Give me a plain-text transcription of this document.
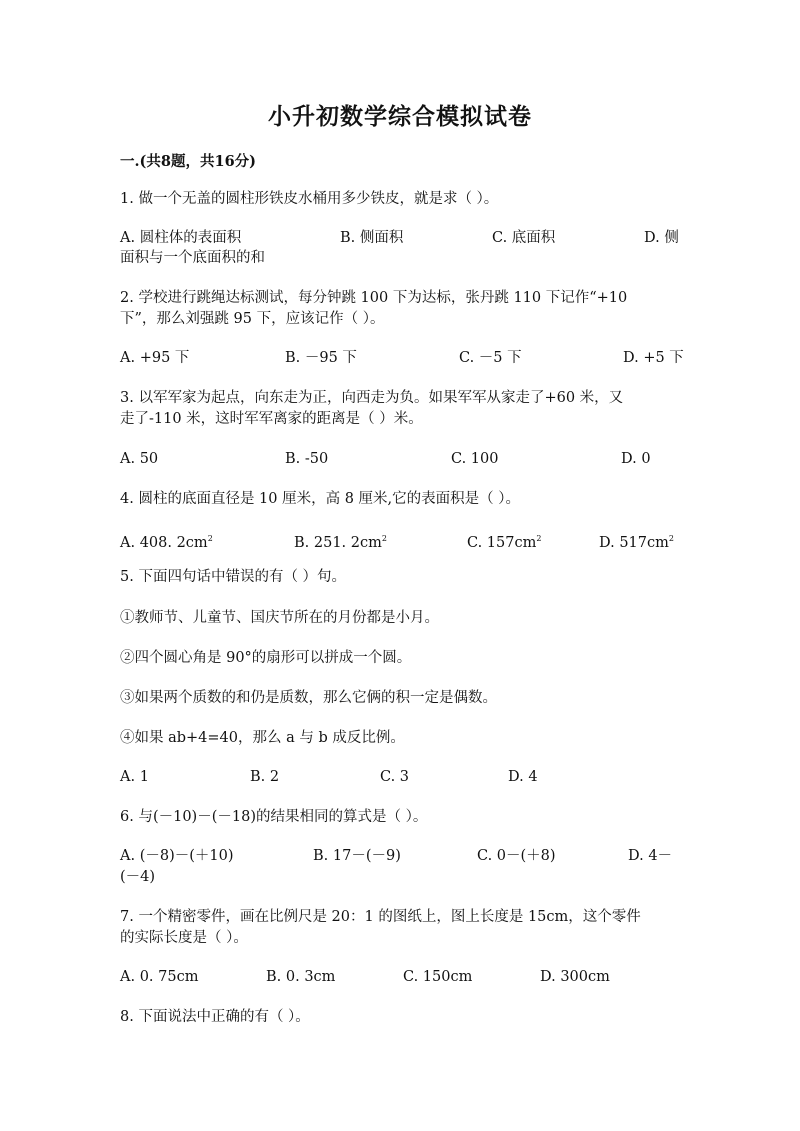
小升初数学综合模拟试卷
一.(共8题，共16分)
1. 做一个无盖的圆柱形铁皮水桶用多少铁皮，就是求（ ）。
A. 圆柱体的表面积	B. 侧面积	C. 底面积	D. 侧
面积与一个底面积的和
2. 学校进行跳绳达标测试，每分钟跳 100 下为达标，张丹跳 110 下记作“+10
下”，那么刘强跳 95 下，应该记作（ ）。
A. +95 下	B. －95 下	C. －5 下	D. +5 下
3. 以军军家为起点，向东走为正，向西走为负。如果军军从家走了+60 米，又
走了-110 米，这时军军离家的距离是（ ）米。
A. 50	B. -50	C. 100	D. 0
4. 圆柱的底面直径是 10 厘米，高 8 厘米,它的表面积是（ ）。
A. 408. $2cm^2$	B. 251. $2cm^2$	C. $157cm^2$	D. $517cm^2$
5. 下面四句话中错误的有（ ）句。
①教师节、儿童节、国庆节所在的月份都是小月。
②四个圆心角是 90°的扇形可以拼成一个圆。
③如果两个质数的和仍是质数，那么它俩的积一定是偶数。
④如果 ab+4=40，那么 a 与 b 成反比例。
A. 1	B. 2	C. 3	D. 4
6. 与(－10)－(－18)的结果相同的算式是（ ）。
A. (－8)－(＋10)	B. 17－(－9)	C. 0－(＋8)	D. 4－
(－4)
7. 一个精密零件，画在比例尺是 20：1 的图纸上，图上长度是 15cm，这个零件
的实际长度是（ ）。
A. 0. 75cm	B. 0. 3cm	C. 150cm	D. 300cm
8. 下面说法中正确的有（ ）。
